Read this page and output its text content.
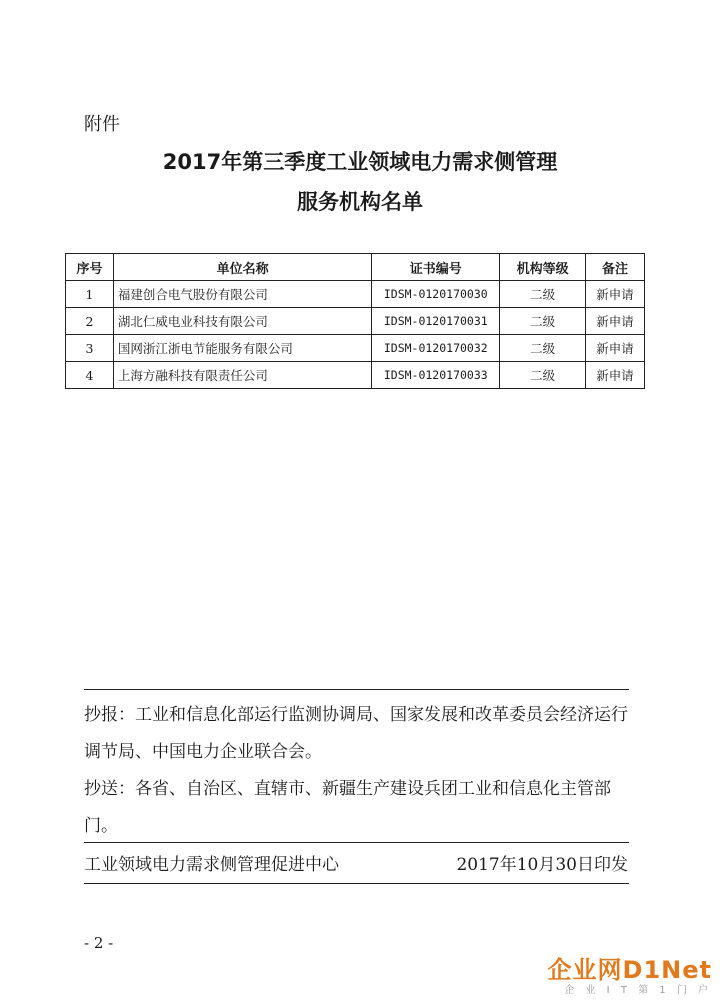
附件
2017年第三季度工业领域电力需求侧管理
服务机构名单
序号	单位名称	证书编号	机构等级	备注
1	福建创合电气股份有限公司	IDSM-0120170030	二级	新申请
2	湖北仁威电业科技有限公司	IDSM-0120170031	二级	新申请
3	国网浙江浙电节能服务有限公司	IDSM-0120170032	二级	新申请
4	上海方融科技有限责任公司	IDSM-0120170033	二级	新申请
抄报：工业和信息化部运行监测协调局、国家发展和改革委员会经济运行调节局、中国电力企业联合会。
抄送：各省、自治区、直辖市、新疆生产建设兵团工业和信息化主管部门。
工业领域电力需求侧管理促进中心	2017年10月30日印发
- 2 -
企业网D1Net
企 业 I T 第 1 门 户
